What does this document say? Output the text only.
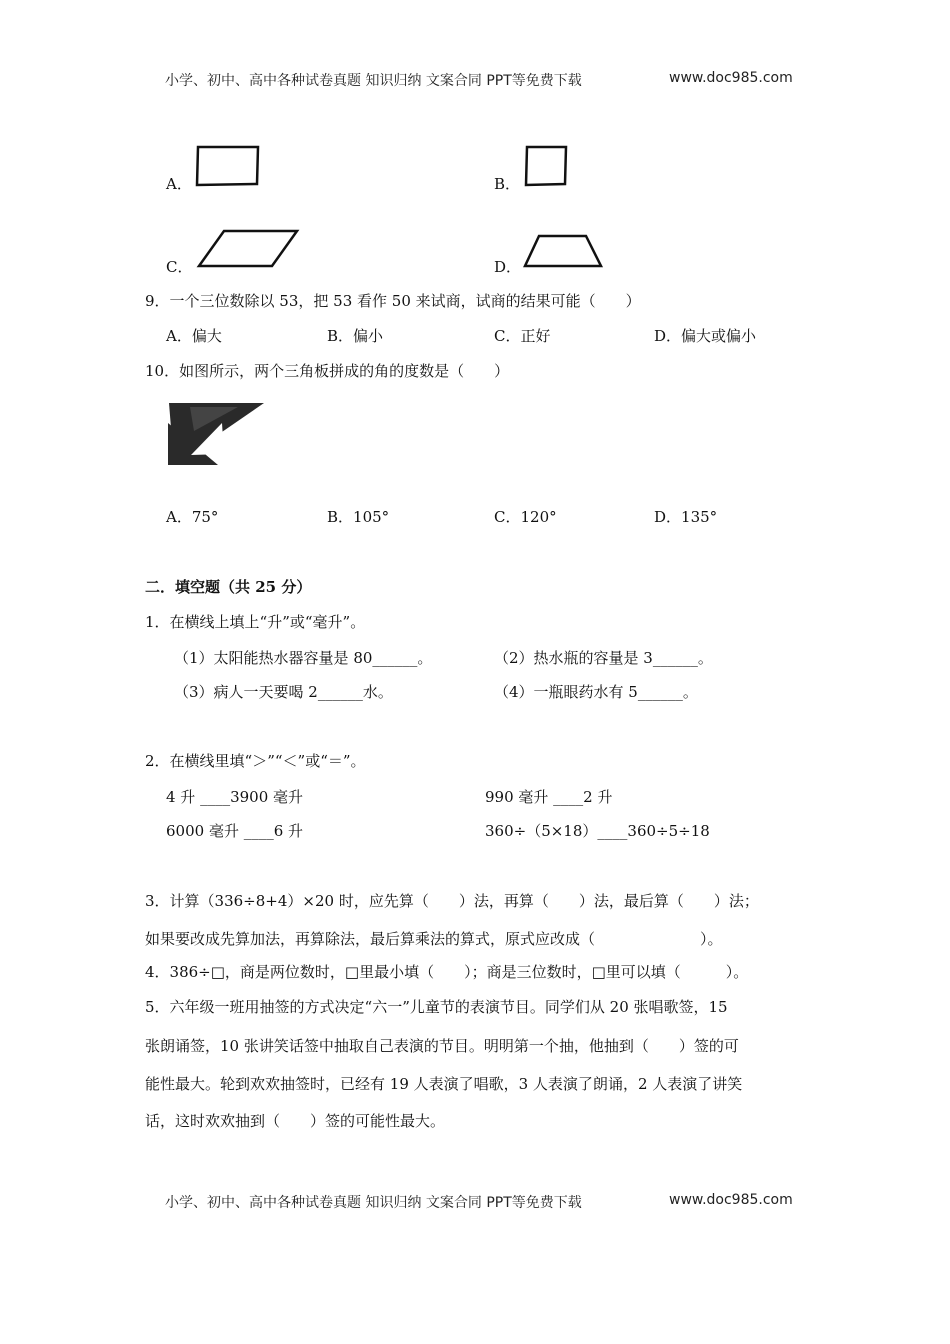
小学、初中、高中各种试卷真题 知识归纳 文案合同 PPT等免费下载	www.doc985.com
A．	B．
C．	D．
9．一个三位数除以 53，把 53 看作 50 来试商，试商的结果可能（　　）
A．偏大	B．偏小	C．正好	D．偏大或偏小
10．如图所示，两个三角板拼成的角的度数是（　　）
A．75°	B．105°	C．120°	D．135°
二．填空题（共 25 分）
1．在横线上填上“升”或“毫升”。
（1）太阳能热水器容量是 80______。	（2）热水瓶的容量是 3______。
（3）病人一天要喝 2______水。	（4）一瓶眼药水有 5______。
2．在横线里填“＞”“＜”或“＝”。
4 升 ____3900 毫升	990 毫升 ____2 升
6000 毫升 ____6 升	360÷（5×18）____360÷5÷18
3．计算（336÷8+4）×20 时，应先算（　　）法，再算（　　）法，最后算（　　）法；
如果要改成先算加法，再算除法，最后算乘法的算式，原式应改成（　　　　　　　）。
4．386÷□，商是两位数时，□里最小填（　　）；商是三位数时，□里可以填（　　　）。
5．六年级一班用抽签的方式决定“六一”儿童节的表演节目。同学们从 20 张唱歌签，15
张朗诵签，10 张讲笑话签中抽取自己表演的节目。明明第一个抽，他抽到（　　）签的可
能性最大。轮到欢欢抽签时，已经有 19 人表演了唱歌，3 人表演了朗诵，2 人表演了讲笑
话，这时欢欢抽到（　　）签的可能性最大。
小学、初中、高中各种试卷真题 知识归纳 文案合同 PPT等免费下载	www.doc985.com
